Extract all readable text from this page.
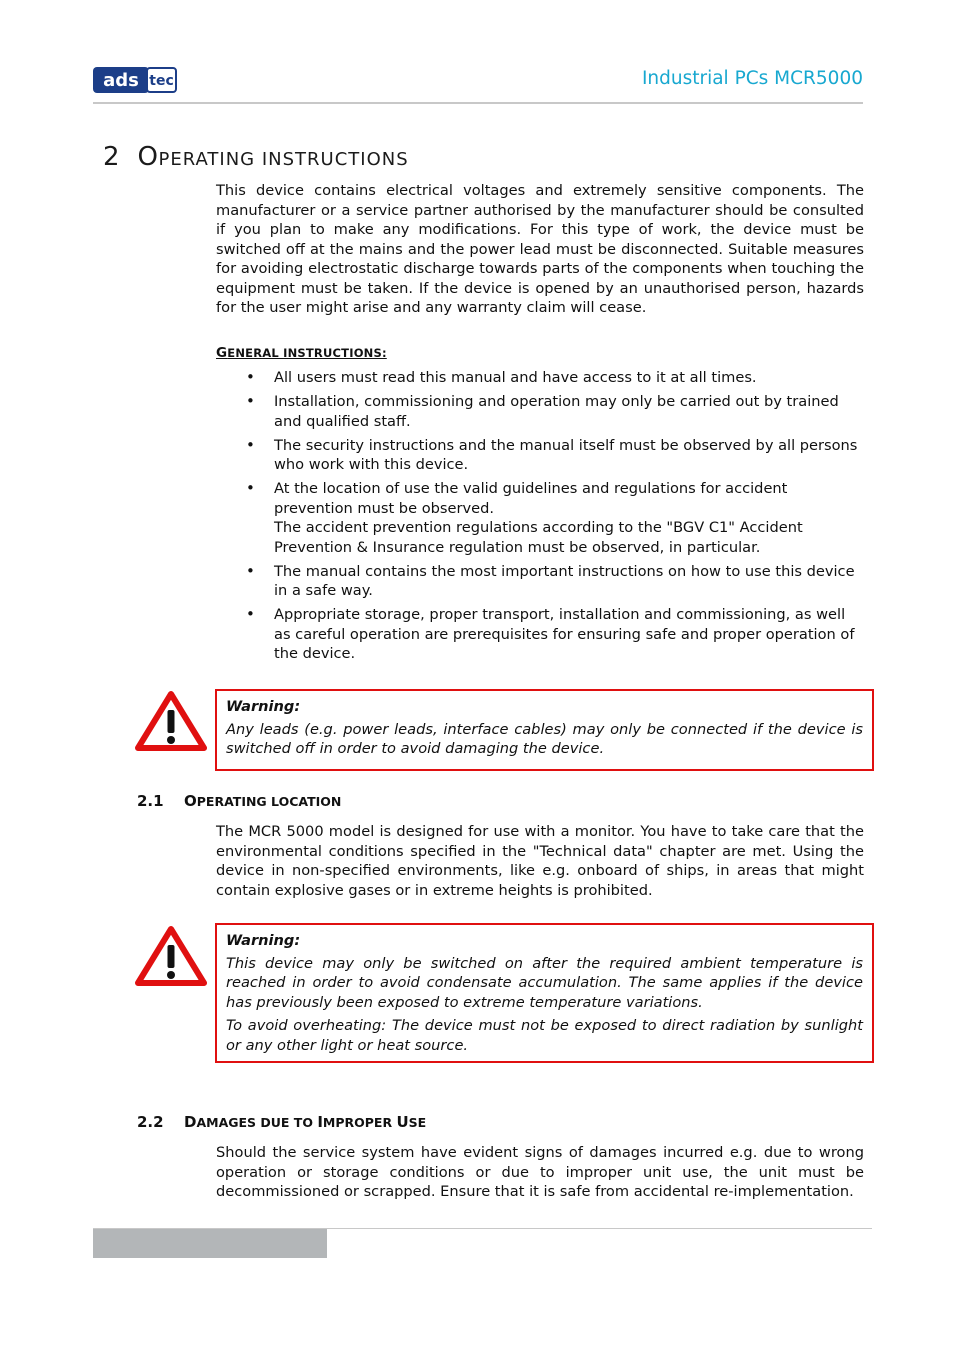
ads tec	Industrial PCs MCR5000
2 OPERATING INSTRUCTIONS

This device contains electrical voltages and extremely sensitive components. The manufacturer or a service partner authorised by the manufacturer should be consulted if you plan to make any modifications. For this type of work, the device must be switched off at the mains and the power lead must be disconnected. Suitable measures for avoiding electrostatic discharge towards parts of the components when touching the equipment must be taken. If the device is opened by an unauthorised person, hazards for the user might arise and any warranty claim will cease.

GENERAL INSTRUCTIONS:
• All users must read this manual and have access to it at all times.
• Installation, commissioning and operation may only be carried out by trained and qualified staff.
• The security instructions and the manual itself must be observed by all persons who work with this device.
• At the location of use the valid guidelines and regulations for accident prevention must be observed.
The accident prevention regulations according to the "BGV C1" Accident Prevention & Insurance regulation must be observed, in particular.
• The manual contains the most important instructions on how to use this device in a safe way.
• Appropriate storage, proper transport, installation and commissioning, as well as careful operation are prerequisites for ensuring safe and proper operation of the device.
Warning:
Any leads (e.g. power leads, interface cables) may only be connected if the device is switched off in order to avoid damaging the device.
2.1 OPERATING LOCATION

The MCR 5000 model is designed for use with a monitor. You have to take care that the environmental conditions specified in the "Technical data" chapter are met. Using the device in non-specified environments, like e.g. onboard of ships, in areas that might contain explosive gases or in extreme heights is prohibited.

Warning:
This device may only be switched on after the required ambient temperature is reached in order to avoid condensate accumulation. The same applies if the device has previously been exposed to extreme temperature variations.
To avoid overheating: The device must not be exposed to direct radiation by sunlight or any other light or heat source.
2.2 DAMAGES DUE TO IMPROPER USE

Should the service system have evident signs of damages incurred e.g. due to wrong operation or storage conditions or due to improper unit use, the unit must be decommissioned or scrapped. Ensure that it is safe from accidental re-implementation.
